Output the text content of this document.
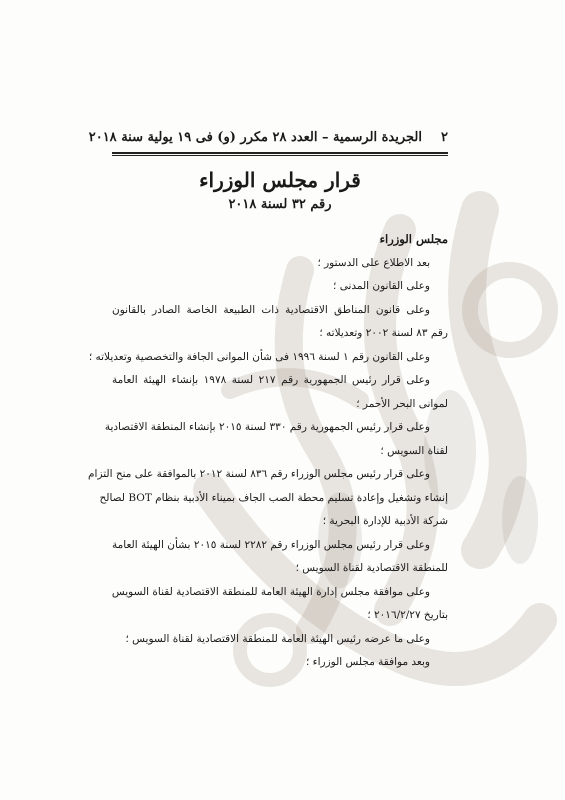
٢
الجريدة الرسمية – العدد ٢٨ مكرر (و) فى ١٩ يولية سنة ٢٠١٨
قرار مجلس الوزراء
رقم ٣٢ لسنة ٢٠١٨
مجلس الوزراء
بعد الاطلاع على الدستور ؛
وعلى القانون المدنى ؛
وعلى قانون المناطق الاقتصادية ذات الطبيعة الخاصة الصادر بالقانون
رقم ٨٣ لسنة ٢٠٠٢ وتعديلاته ؛
وعلى القانون رقم ١ لسنة ١٩٩٦ فى شأن الموانى الجافة والتخصصية وتعديلاته ؛
وعلى قرار رئيس الجمهورية رقم ٢١٧ لسنة ١٩٧٨ بإنشاء الهيئة العامة
لموانى البحر الأحمر ؛
وعلى قرار رئيس الجمهورية رقم ٣٣٠ لسنة ٢٠١٥ بإنشاء المنطقة الاقتصادية
لقناة السويس ؛
وعلى قرار رئيس مجلس الوزراء رقم ٨٣٦ لسنة ٢٠١٢ بالموافقة على منح التزام
إنشاء وتشغيل وإعادة تسليم محطة الصب الجاف بميناء الأدبية بنظام BOT لصالح
شركة الأدبية للإدارة البحرية ؛
وعلى قرار رئيس مجلس الوزراء رقم ٢٢٨٢ لسنة ٢٠١٥ بشأن الهيئة العامة
للمنطقة الاقتصادية لقناة السويس ؛
وعلى موافقة مجلس إدارة الهيئة العامة للمنطقة الاقتصادية لقناة السويس
بتاريخ ٢٠١٦/٢/٢٧ ؛
وعلى ما عرضه رئيس الهيئة العامة للمنطقة الاقتصادية لقناة السويس ؛
وبعد موافقة مجلس الوزراء ؛
